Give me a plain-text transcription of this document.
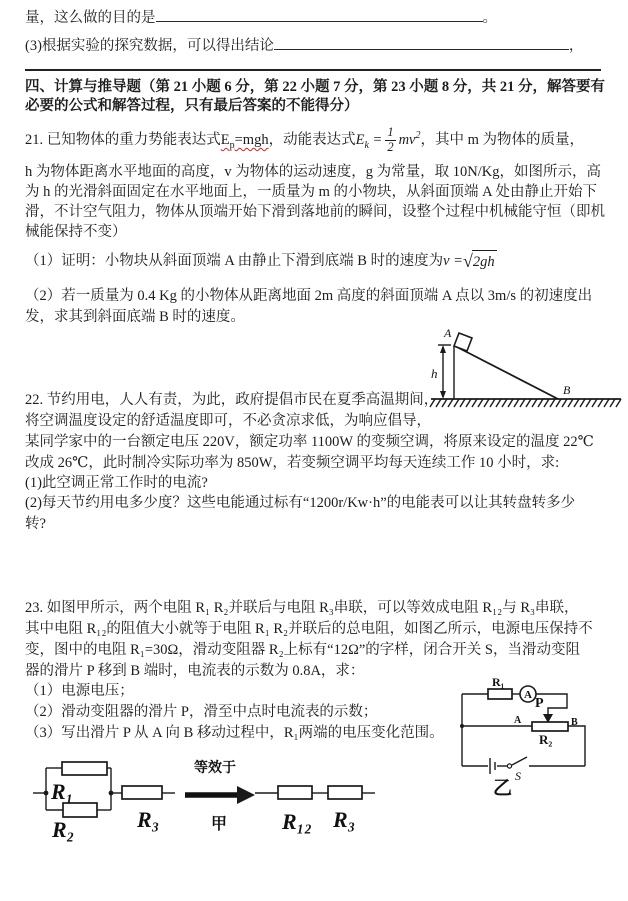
量，这么做的目的是	。
(3)根据实验的探究数据，可以得出结论	，
四、计算与推导题（第 21 小题 6 分，第 22 小题 7 分，第 23 小题 8 分，共 21 分，解答要有
必要的公式和解答过程，只有最后答案的不能得分）
21. 已知物体的重力势能表达式 $E_p=mgh$ ，动能表达式 $E_k = \frac{1}{2} mv^2$ ，其中 m 为物体的质量，
h 为物体距离水平地面的高度，v 为物体的运动速度，g 为常量，取 10N/Kg，如图所示，高
为 h 的光滑斜面固定在水平地面上，一质量为 m 的小物块，从斜面顶端 A 处由静止开始下
滑，不计空气阻力，物体从顶端开始下滑到落地前的瞬间，设整个过程中机械能守恒（即机
械能保持不变）
（1）证明：小物块从斜面顶端 A 由静止下滑到底端 B 时的速度为 v = √ 2gh
（2）若一质量为 0.4 Kg 的小物体从距离地面 2m 高度的斜面顶端 A 点以 3m/s 的初速度出
发，求其到斜面底端 B 时的速度。
A
h
B
22. 节约用电，人人有责，为此，政府提倡市民在夏季高温期间，
将空调温度设定的舒适温度即可，不必贪凉求低，为响应倡导，
某同学家中的一台额定电压 220V，额定功率 1100W 的变频空调，将原来设定的温度 22℃
改成 26℃，此时制冷实际功率为 850W，若变频空调平均每天连续工作 10 小时，求:
(1)此空调正常工作时的电流?
(2)每天节约用电多少度？这些电能通过标有“1200r/Kw·h”的电能表可以让其转盘转多少
转?
23. 如图甲所示，两个电阻 R₁ R₂并联后与电阻 R₃串联，可以等效成电阻 R₁₂与 R₃串联，
其中电阻 R₁₂的阻值大小就等于电阻 R₁ R₂并联后的总电阻，如图乙所示，电源电压保持不
变，图中的电阻 R₁=30Ω，滑动变阻器 R₂上标有“12Ω”的字样，闭合开关 S，当滑动变阻
器的滑片 P 移到 B 端时，电流表的示数为 0.8A，求：
（1）电源电压；
（2）滑动变阻器的滑片 P，滑至中点时电流表的示数；
（3）写出滑片 P 从 A 向 B 移动过程中，R₁两端的电压变化范围。
R₁
A
P
A	B
R₂
S
乙
R₁
R₂	R₃
等效于
甲 R₁₂ R₃
